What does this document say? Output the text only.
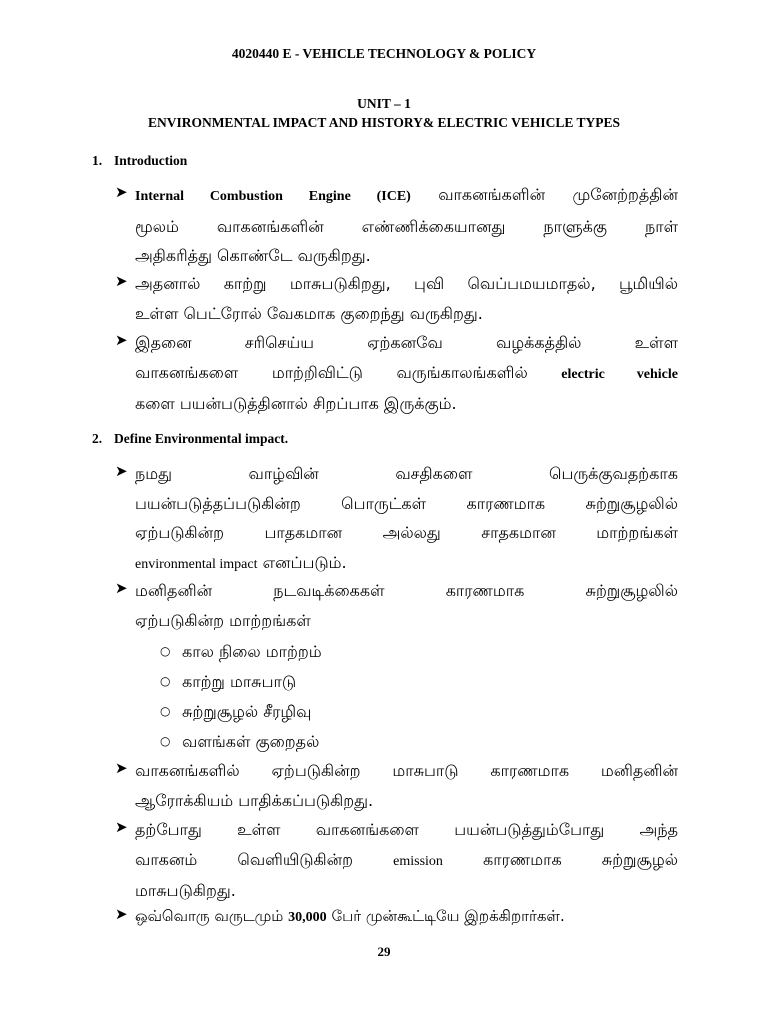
4020440 E - VEHICLE TECHNOLOGY & POLICY
UNIT – 1
ENVIRONMENTAL IMPACT AND HISTORY& ELECTRIC VEHICLE TYPES
1. Introduction
➤ Internal Combustion Engine (ICE) வாகனங்களின் முனேற்றத்தின்
மூலம் வாகனங்களின் எண்ணிக்கையானது நாளுக்கு நாள்
அதிகரித்து கொண்டே வருகிறது.
➤ அதனால் காற்று மாசுபடுகிறது, புவி வெப்பமயமாதல், பூமியில்
உள்ள பெட்ரோல் வேகமாக குறைந்து வருகிறது.
➤ இதனை சரிசெய்ய ஏற்கனவே வழக்கத்தில் உள்ள
வாகனங்களை மாற்றிவிட்டு வருங்காலங்களில் electric vehicle
களை பயன்படுத்தினால் சிறப்பாக இருக்கும்.
2. Define Environmental impact.
➤ நமது வாழ்வின் வசதிகளை பெருக்குவதற்காக
பயன்படுத்தப்படுகின்ற பொருட்கள் காரணமாக சுற்றுசூழலில்
ஏற்படுகின்ற பாதகமான அல்லது சாதகமான மாற்றங்கள்
environmental impact எனப்படும்.
➤ மனிதனின் நடவடிக்கைகள் காரணமாக சுற்றுசூழலில்
ஏற்படுகின்ற மாற்றங்கள்
○ கால நிலை மாற்றம்
○ காற்று மாசுபாடு
○ சுற்றுசூழல் சீரழிவு
○ வளங்கள் குறைதல்
➤ வாகனங்களில் ஏற்படுகின்ற மாசுபாடு காரணமாக மனிதனின்
ஆரோக்கியம் பாதிக்கப்படுகிறது.
➤ தற்போது உள்ள வாகனங்களை பயன்படுத்தும்போது அந்த
வாகனம் வெளியிடுகின்ற	emission	காரணமாக சுற்றுசூழல்
மாசுபடுகிறது.
➤ ஒவ்வொரு வருடமும் 30,000 பேர் முன்கூட்டியே இறக்கிறார்கள்.
29
